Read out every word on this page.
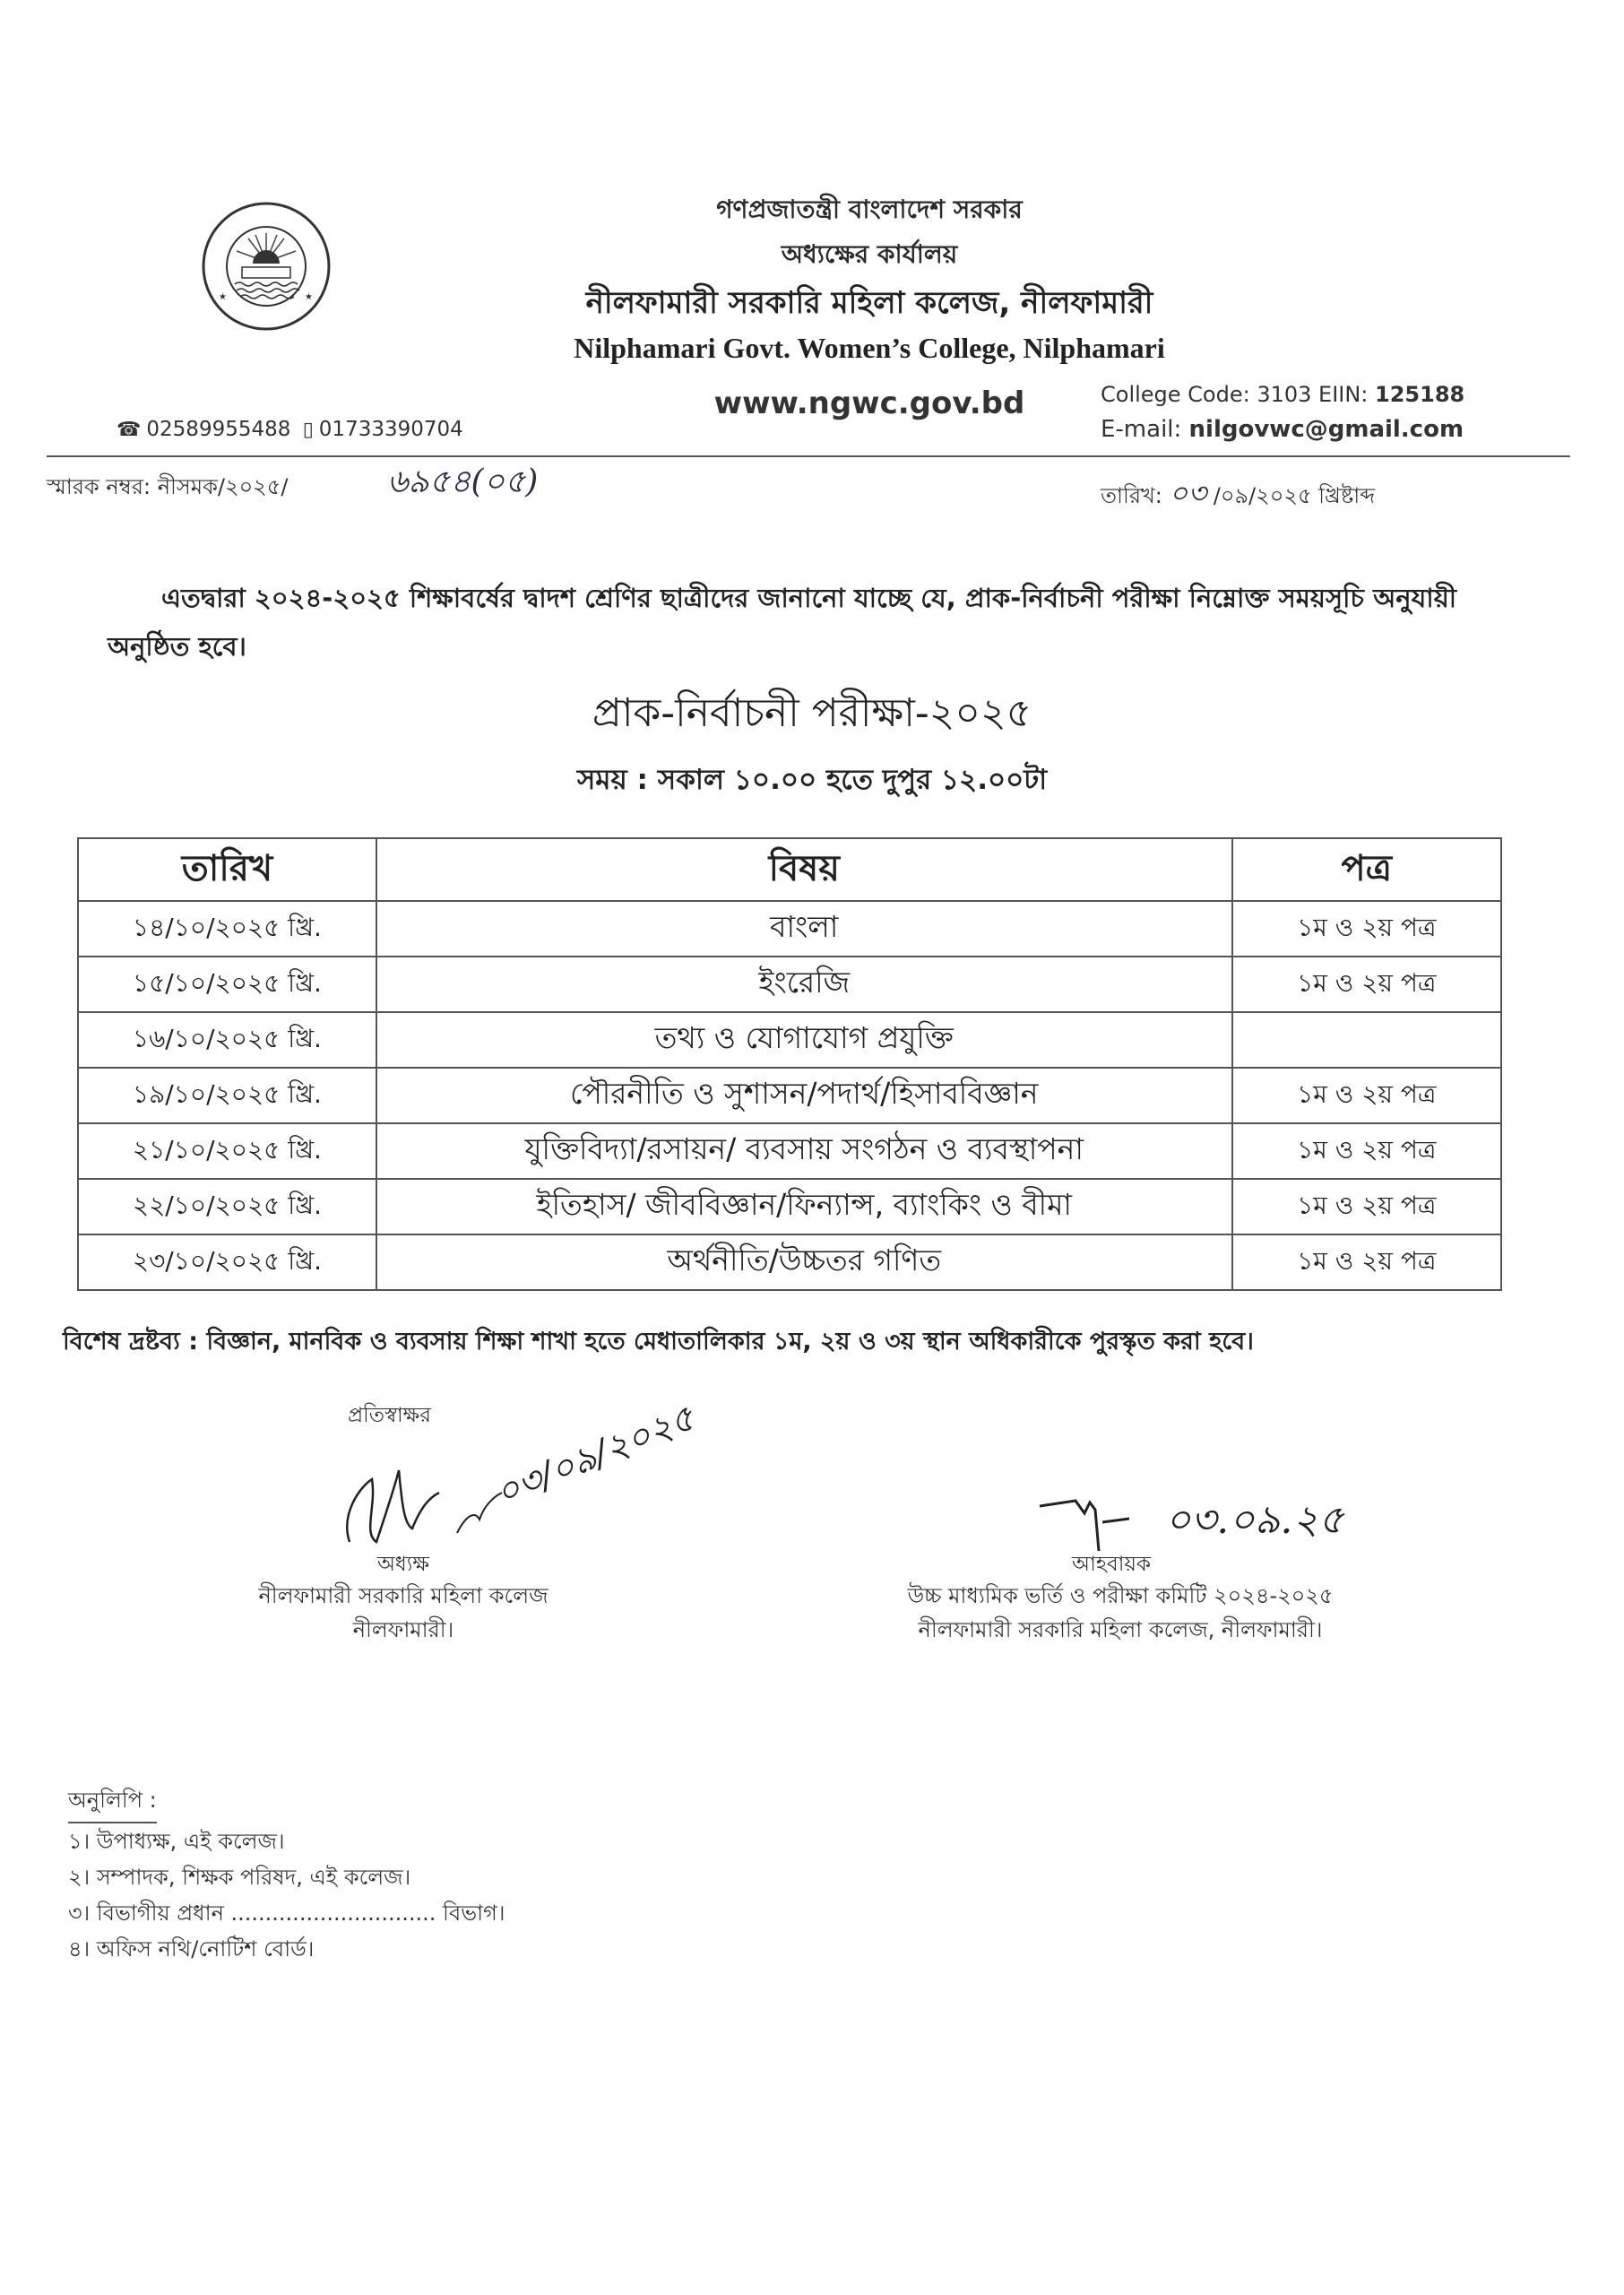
★	★
গণপ্রজাতন্ত্রী বাংলাদেশ সরকার
অধ্যক্ষের কার্যালয়
নীলফামারী সরকারি মহিলা কলেজ, নীলফামারী
Nilphamari Govt. Women’s College, Nilphamari
www.ngwc.gov.bd
☎ 02589955488 ▯ 01733390704
College Code: 3103 EIIN: 125188
E-mail: nilgovwc@gmail.com
স্মারক নম্বর: নীসমক/২০২৫/	৬৯৫৪(০৫)	তারিখ: ০৩ /০৯/২০২৫ খ্রিষ্টাব্দ
এতদ্বারা ২০২৪-২০২৫ শিক্ষাবর্ষের দ্বাদশ শ্রেণির ছাত্রীদের জানানো যাচ্ছে যে, প্রাক-নির্বাচনী পরীক্ষা নিম্নোক্ত সময়সূচি অনুযায়ী অনুষ্ঠিত হবে।
প্রাক-নির্বাচনী পরীক্ষা-২০২৫
সময় : সকাল ১০.০০ হতে দুপুর ১২.০০টা
তারিখ	বিষয়	পত্র
১৪/১০/২০২৫ খ্রি.	বাংলা	১ম ও ২য় পত্র
১৫/১০/২০২৫ খ্রি.	ইংরেজি	১ম ও ২য় পত্র
১৬/১০/২০২৫ খ্রি.	তথ্য ও যোগাযোগ প্রযুক্তি	
১৯/১০/২০২৫ খ্রি.	পৌরনীতি ও সুশাসন/পদার্থ/হিসাববিজ্ঞান	১ম ও ২য় পত্র
২১/১০/২০২৫ খ্রি.	যুক্তিবিদ্যা/রসায়ন/ ব্যবসায় সংগঠন ও ব্যবস্থাপনা	১ম ও ২য় পত্র
২২/১০/২০২৫ খ্রি.	ইতিহাস/ জীববিজ্ঞান/ফিন্যান্স, ব্যাংকিং ও বীমা	১ম ও ২য় পত্র
২৩/১০/২০২৫ খ্রি.	অর্থনীতি/উচ্চতর গণিত	১ম ও ২য় পত্র
বিশেষ দ্রষ্টব্য : বিজ্ঞান, মানবিক ও ব্যবসায় শিক্ষা শাখা হতে মেধাতালিকার ১ম, ২য় ও ৩য় স্থান অধিকারীকে পুরস্কৃত করা হবে।
প্রতিস্বাক্ষর ০৩/০৯/২০২৫
০৩.০৯.২৫
অধ্যক্ষ
নীলফামারী সরকারি মহিলা কলেজ
নীলফামারী।
আহবায়ক
উচ্চ মাধ্যমিক ভর্তি ও পরীক্ষা কমিটি ২০২৪-২০২৫
নীলফামারী সরকারি মহিলা কলেজ, নীলফামারী।
অনুলিপি :
১। উপাধ্যক্ষ, এই কলেজ।
২। সম্পাদক, শিক্ষক পরিষদ, এই কলেজ।
৩। বিভাগীয় প্রধান .............................. বিভাগ।
৪। অফিস নথি/নোটিশ বোর্ড।
